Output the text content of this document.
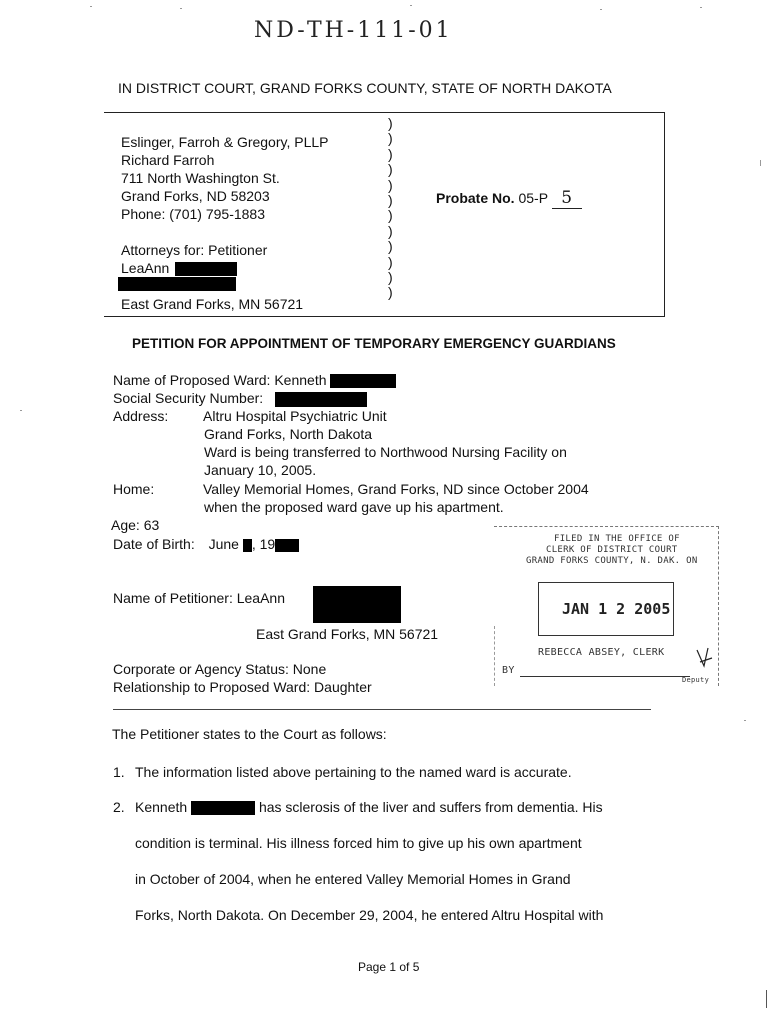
ND-TH-111-01
IN DISTRICT COURT, GRAND FORKS COUNTY, STATE OF NORTH DAKOTA
Eslinger, Farroh & Gregory, PLLP
Richard Farroh
711 North Washington St.
Grand Forks, ND 58203
Phone: (701) 795-1883
Attorneys for: Petitioner
LeaAnn
East Grand Forks, MN 56721
)
)
)
)
)
)
)
)
)
)
)
)
Probate No. 05-P 5
PETITION FOR APPOINTMENT OF TEMPORARY EMERGENCY GUARDIANS
Name of Proposed Ward: Kenneth
Social Security Number:
Address: Altru Hospital Psychiatric Unit
Grand Forks, North Dakota
Ward is being transferred to Northwood Nursing Facility on
January 10, 2005.
Home:	Valley Memorial Homes, Grand Forks, ND since October 2004
when the proposed ward gave up his apartment.
Age: 63
Date of Birth: June , 19
Name of Petitioner: LeaAnn
East Grand Forks, MN 56721
Corporate or Agency Status: None
Relationship to Proposed Ward: Daughter
FILED IN THE OFFICE OF
CLERK OF DISTRICT COURT
GRAND FORKS COUNTY, N. DAK. ON
JAN 1 2 2005
REBECCA ABSEY, CLERK
BY
Deputy
The Petitioner states to the Court as follows:
1. The information listed above pertaining to the named ward is accurate.
2. Kenneth	has sclerosis of the liver and suffers from dementia. His
condition is terminal. His illness forced him to give up his own apartment
in October of 2004, when he entered Valley Memorial Homes in Grand
Forks, North Dakota. On December 29, 2004, he entered Altru Hospital with
Page 1 of 5
